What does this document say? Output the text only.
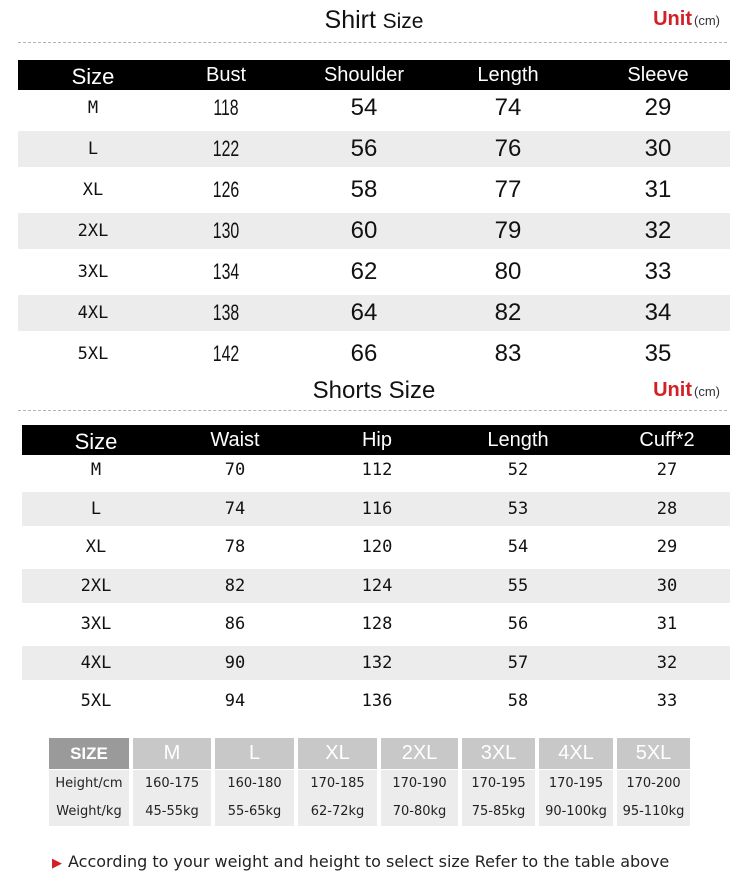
Shirt Size	Unit (cm)
Size	Bust	Shoulder	Length	Sleeve
M	118	54	74	29
L	122	56	76	30
XL	126	58	77	31
2XL	130	60	79	32
3XL	134	62	80	33
4XL	138	64	82	34
5XL	142	66	83	35
Shorts Size	Unit (cm)
Size	Waist	Hip	Length	Cuff*2
M	70	112	52	27
L	74	116	53	28
XL	78	120	54	29
2XL	82	124	55	30
3XL	86	128	56	31
4XL	90	132	57	32
5XL	94	136	58	33
SIZE	M	L	XL	2XL	3XL	4XL	5XL
Height/cm	160-175	160-180	170-185	170-190	170-195	170-195	170-200
Weight/kg	45-55kg	55-65kg	62-72kg	70-80kg	75-85kg	90-100kg	95-110kg
▶ According to your weight and height to select size Refer to the table above
